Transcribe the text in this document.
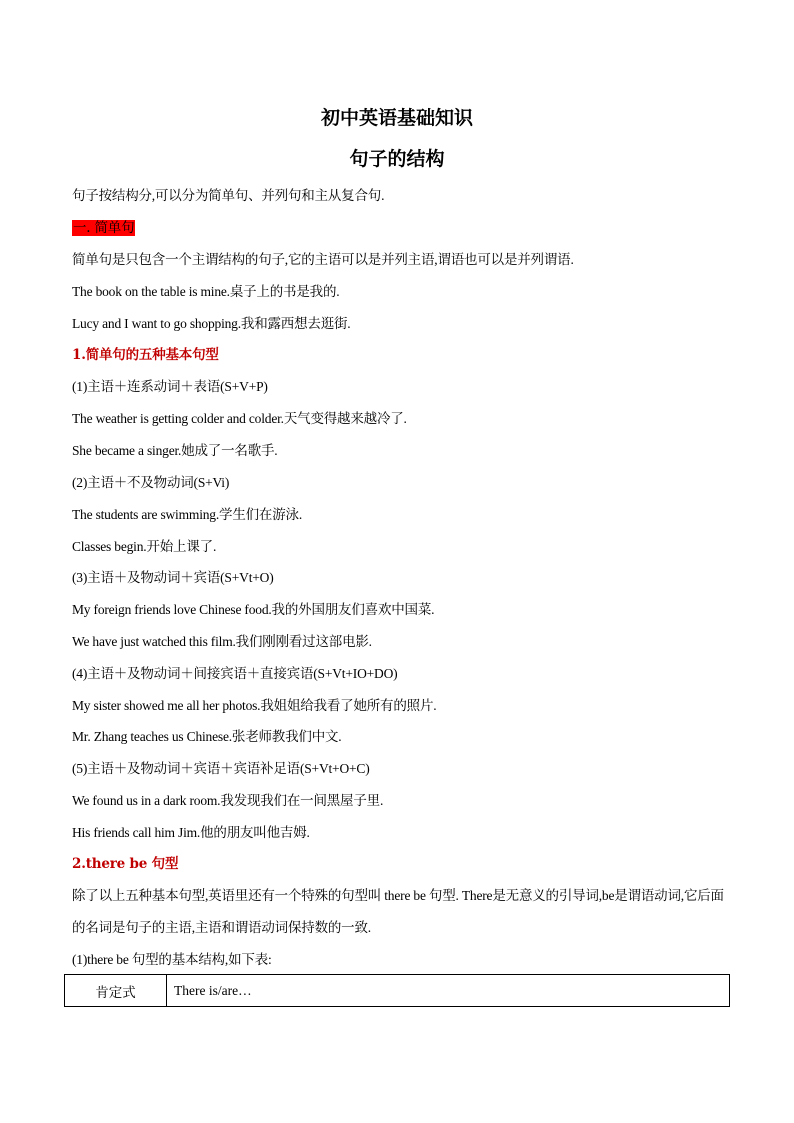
初中英语基础知识
句子的结构
句子按结构分,可以分为简单句、并列句和主从复合句.
一. 简单句
简单句是只包含一个主谓结构的句子,它的主语可以是并列主语,谓语也可以是并列谓语.
The book on the table is mine.桌子上的书是我的.
Lucy and I want to go shopping.我和露西想去逛街.
1.简单句的五种基本句型
(1)主语＋连系动词＋表语(S+V+P)
The weather is getting colder and colder.天气变得越来越冷了.
She became a singer.她成了一名歌手.
(2)主语＋不及物动词(S+Vi)
The students are swimming.学生们在游泳.
Classes begin.开始上课了.
(3)主语＋及物动词＋宾语(S+Vt+O)
My foreign friends love Chinese food.我的外国朋友们喜欢中国菜.
We have just watched this film.我们刚刚看过这部电影.
(4)主语＋及物动词＋间接宾语＋直接宾语(S+Vt+IO+DO)
My sister showed me all her photos.我姐姐给我看了她所有的照片.
Mr. Zhang teaches us Chinese.张老师教我们中文.
(5)主语＋及物动词＋宾语＋宾语补足语(S+Vt+O+C)
We found us in a dark room.我发现我们在一间黑屋子里.
His friends call him Jim.他的朋友叫他吉姆.
2.there be 句型
除了以上五种基本句型,英语里还有一个特殊的句型叫 there be 句型. There是无意义的引导词,be是谓语动词,它后面的名词是句子的主语,主语和谓语动词保持数的一致.
(1)there be 句型的基本结构,如下表:
肯定式	There is/are…
